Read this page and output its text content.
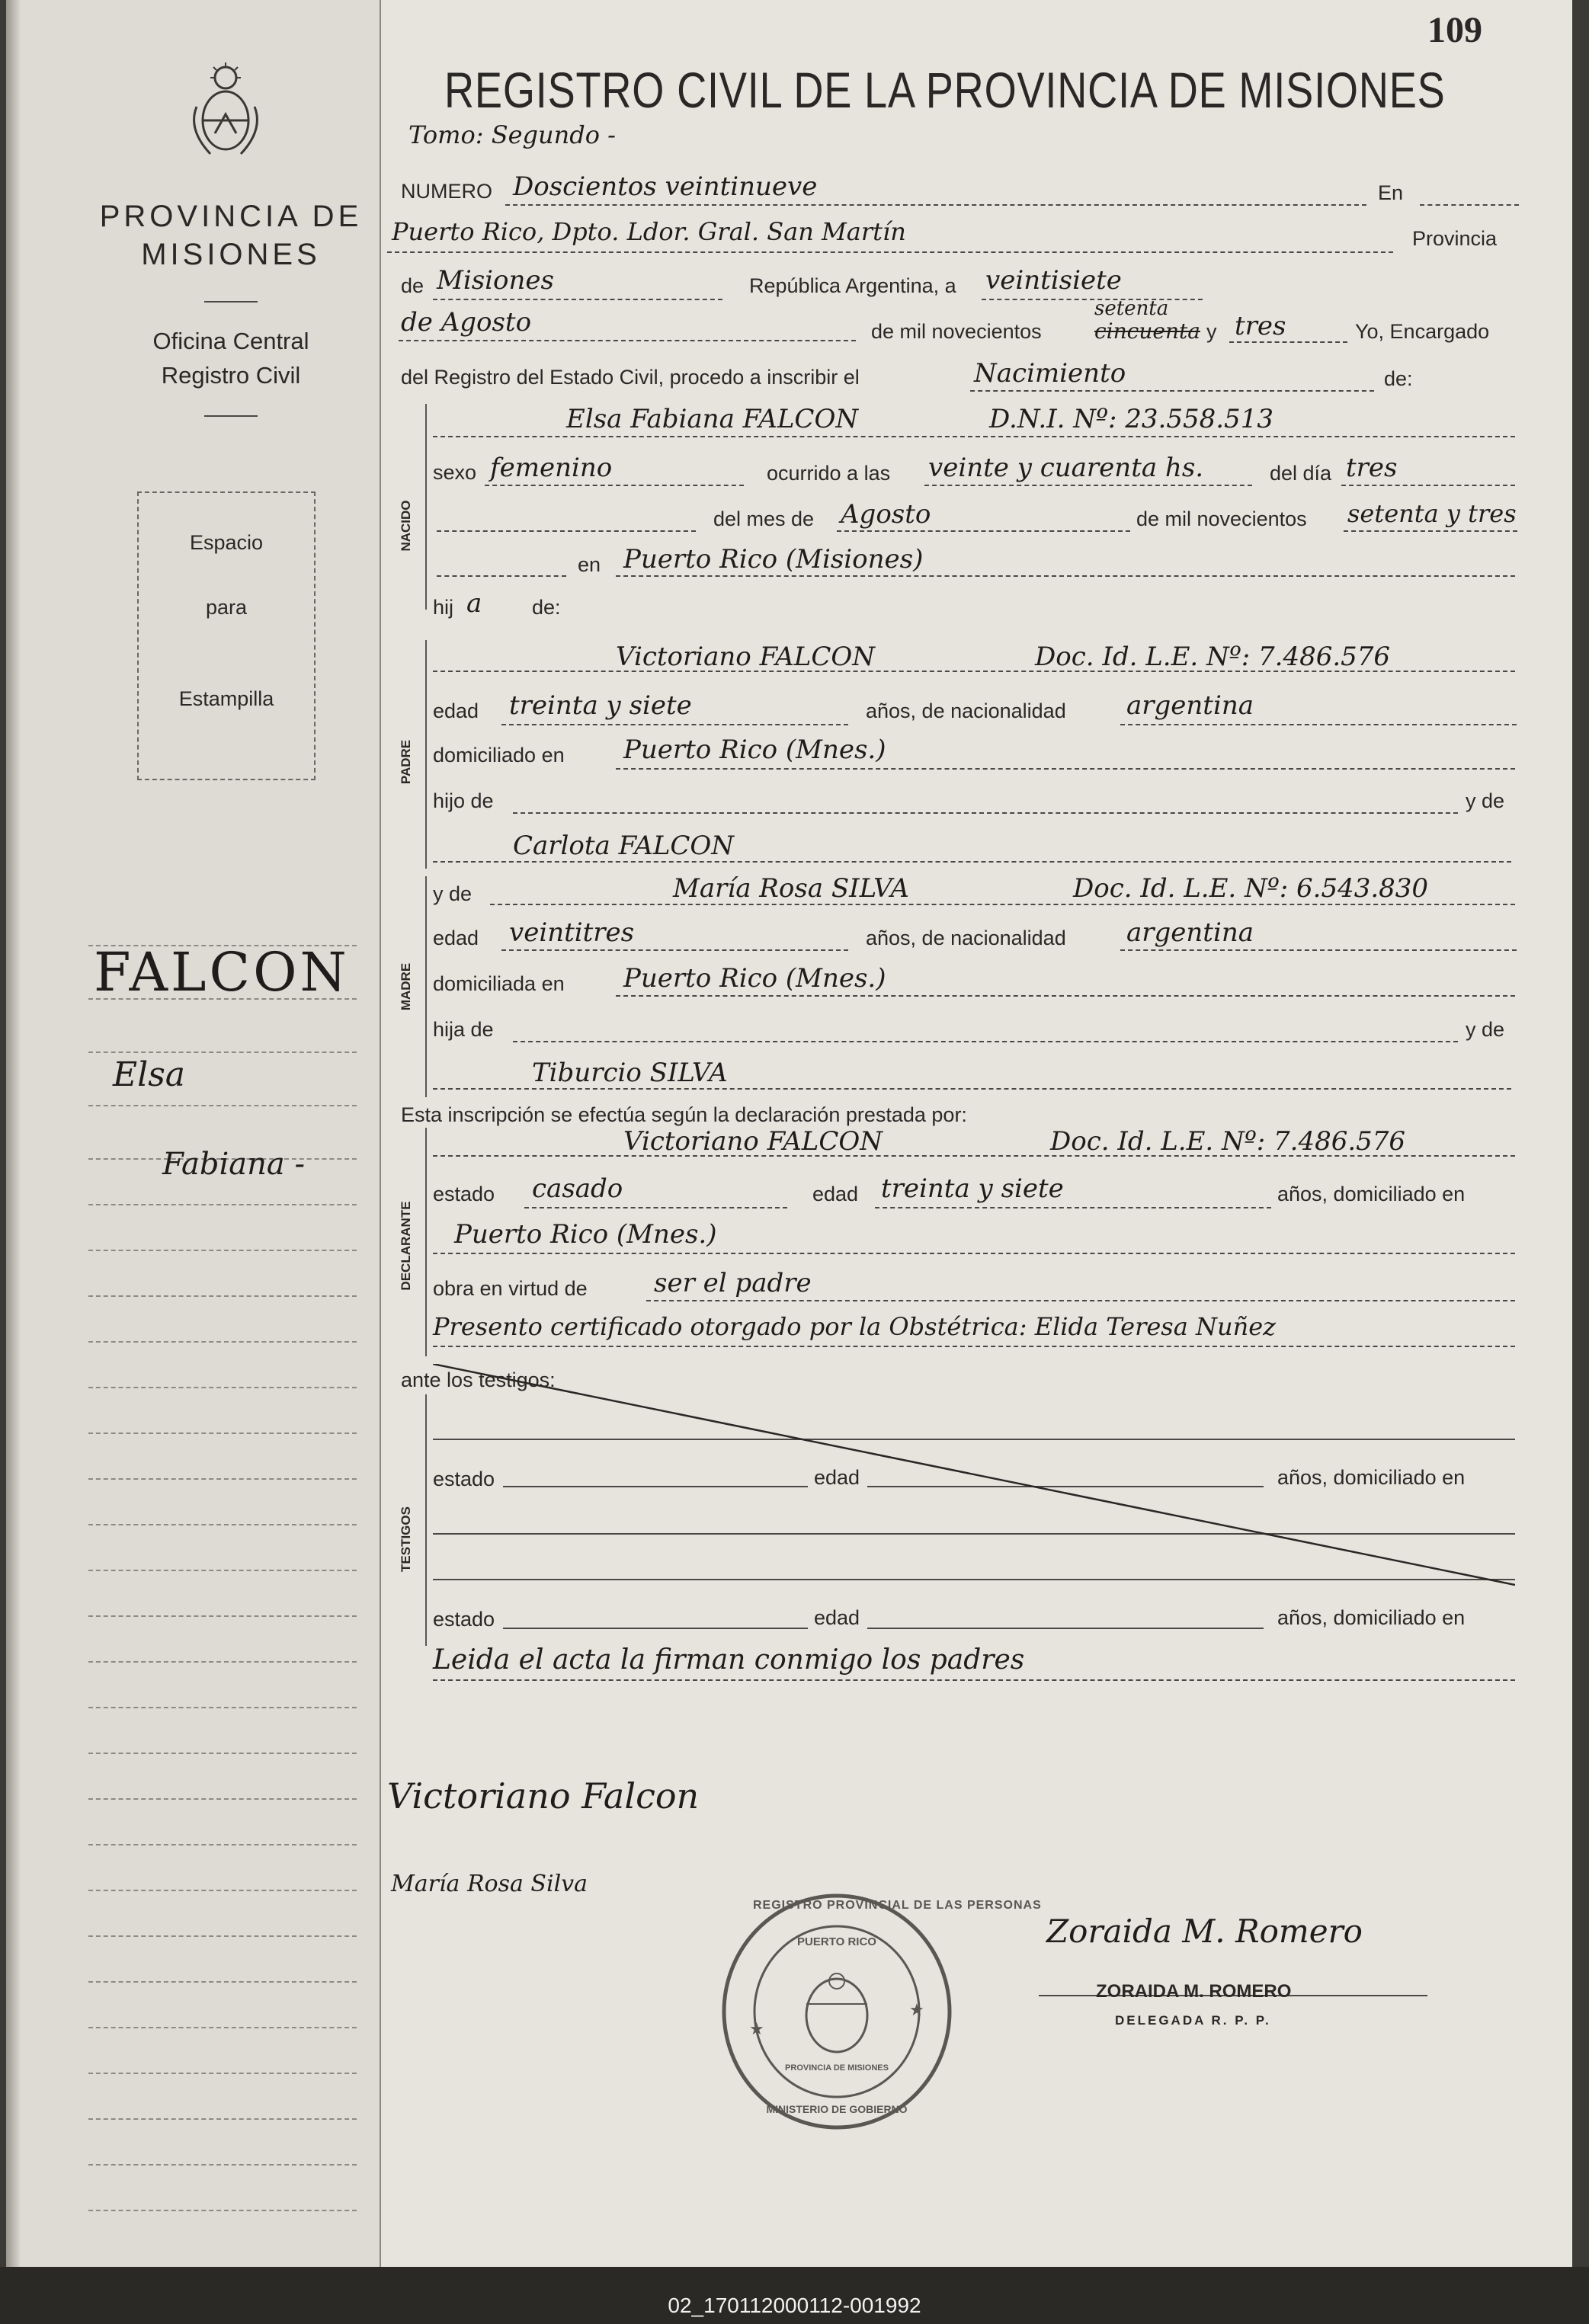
PROVINCIA DE
MISIONES
Oficina Central
Registro Civil
Espacio
para
Estampilla
FALCON
Elsa
Fabiana -
109
REGISTRO CIVIL DE LA PROVINCIA DE MISIONES
Tomo: Segundo -
NUMERO Doscientos veintinueve	En
Puerto Rico, Dpto. Ldor. Gral. San Martín	Provincia
de Misiones	República Argentina, a veintisiete
de Agosto	de mil novecientos
setenta
cincuenta y tres	Yo, Encargado
del Registro del Estado Civil, procedo a inscribir el	Nacimiento	de:
NACIDO
Elsa Fabiana FALCON	D.N.I. Nº: 23.558.513
sexo femenino	ocurrido a las veinte y cuarenta hs.	del día tres
del mes de Agosto	de mil novecientos setenta y tres
en Puerto Rico (Misiones)
hij a de:
PADRE
Victoriano FALCON	Doc. Id. L.E. Nº: 7.486.576
edad treinta y siete	años, de nacionalidad argentina
domiciliado en Puerto Rico (Mnes.)
hijo de	y de
Carlota FALCON
MADRE
y de	María Rosa SILVA	Doc. Id. L.E. Nº: 6.543.830
edad veintitres	años, de nacionalidad argentina
domiciliada en Puerto Rico (Mnes.)
hija de	y de
Tiburcio SILVA
Esta inscripción se efectúa según la declaración prestada por:
DECLARANTE
Victoriano FALCON	Doc. Id. L.E. Nº: 7.486.576
estado casado	edad treinta y siete	años, domiciliado en
Puerto Rico (Mnes.)
obra en virtud de	ser el padre
Presento certificado otorgado por la Obstétrica: Elida Teresa Nuñez
ante los testigos:
TESTIGOS
estado	edad	años, domiciliado en
estado	edad	años, domiciliado en
Leida el acta la firman conmigo los padres
Victoriano Falcon
María Rosa Silva
Zoraida M. Romero
ZORAIDA M. ROMERO
DELEGADA R. P. P.
★
★
REGISTRO PROVINCIAL DE LAS PERSONAS
PUERTO RICO
PROVINCIA DE MISIONES
MINISTERIO DE GOBIERNO
02_170112000112-001992
